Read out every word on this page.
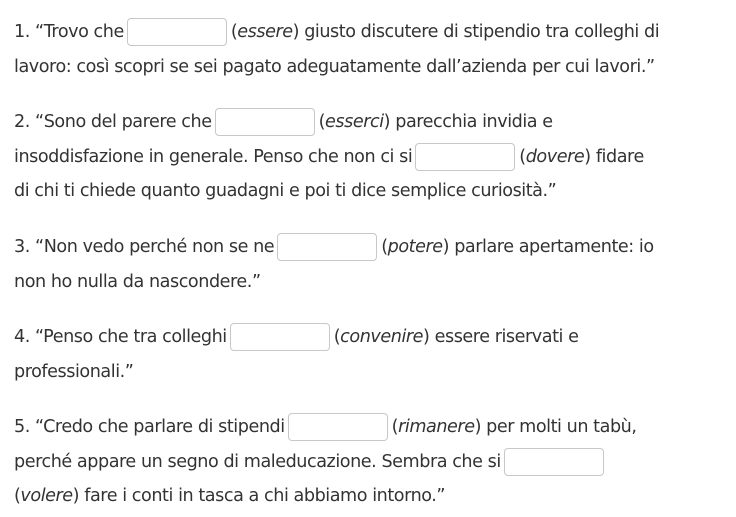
1. “Trovo che	(essere) giusto discutere di stipendio tra colleghi di
lavoro: così scopri se sei pagato adeguatamente dall’azienda per cui lavori.”
2. “Sono del parere che	(esserci) parecchia invidia e
insoddisfazione in generale. Penso che non ci si	(dovere) fidare
di chi ti chiede quanto guadagni e poi ti dice semplice curiosità.”
3. “Non vedo perché non se ne	(potere) parlare apertamente: io
non ho nulla da nascondere.”
4. “Penso che tra colleghi	(convenire) essere riservati e
professionali.”
5. “Credo che parlare di stipendi	(rimanere) per molti un tabù,
perché appare un segno di maleducazione. Sembra che si
(volere) fare i conti in tasca a chi abbiamo intorno.”
